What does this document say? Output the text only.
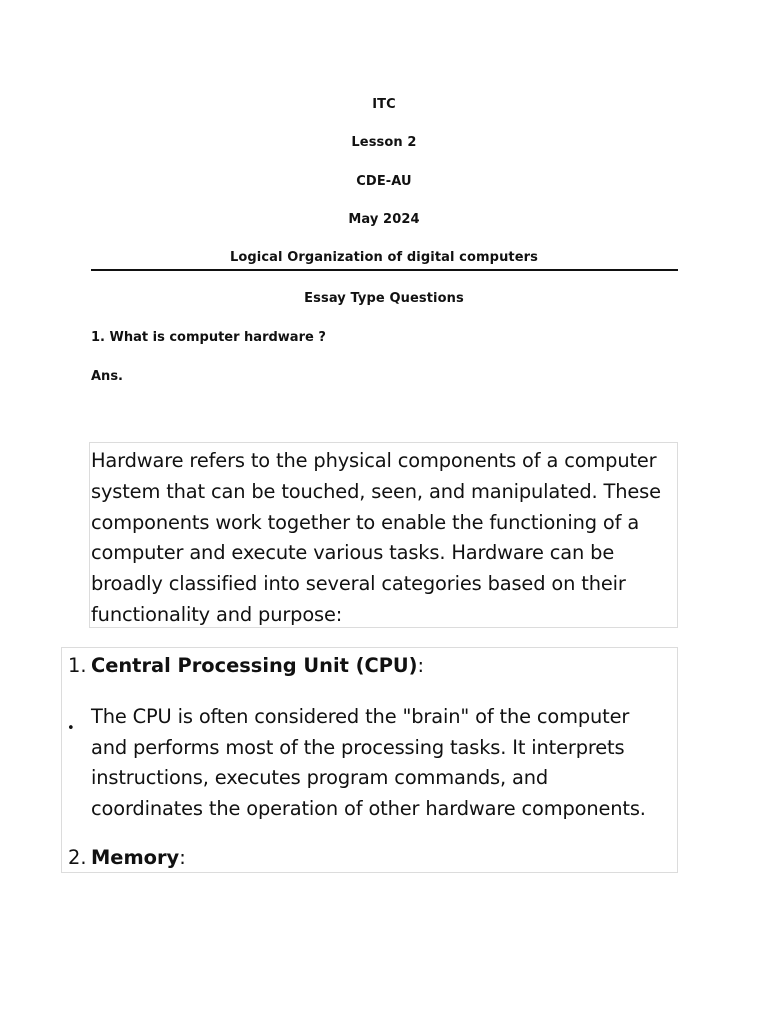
ITC
Lesson 2
CDE-AU
May 2024
Logical Organization of digital computers
Essay Type Questions
1. What is computer hardware ?
Ans.
Hardware refers to the physical components of a computer
system that can be touched, seen, and manipulated. These
components work together to enable the functioning of a
computer and execute various tasks. Hardware can be
broadly classified into several categories based on their
functionality and purpose:
1. Central Processing Unit (CPU):
•
The CPU is often considered the "brain" of the computer
and performs most of the processing tasks. It interprets
instructions, executes program commands, and
coordinates the operation of other hardware components.
2. Memory:
